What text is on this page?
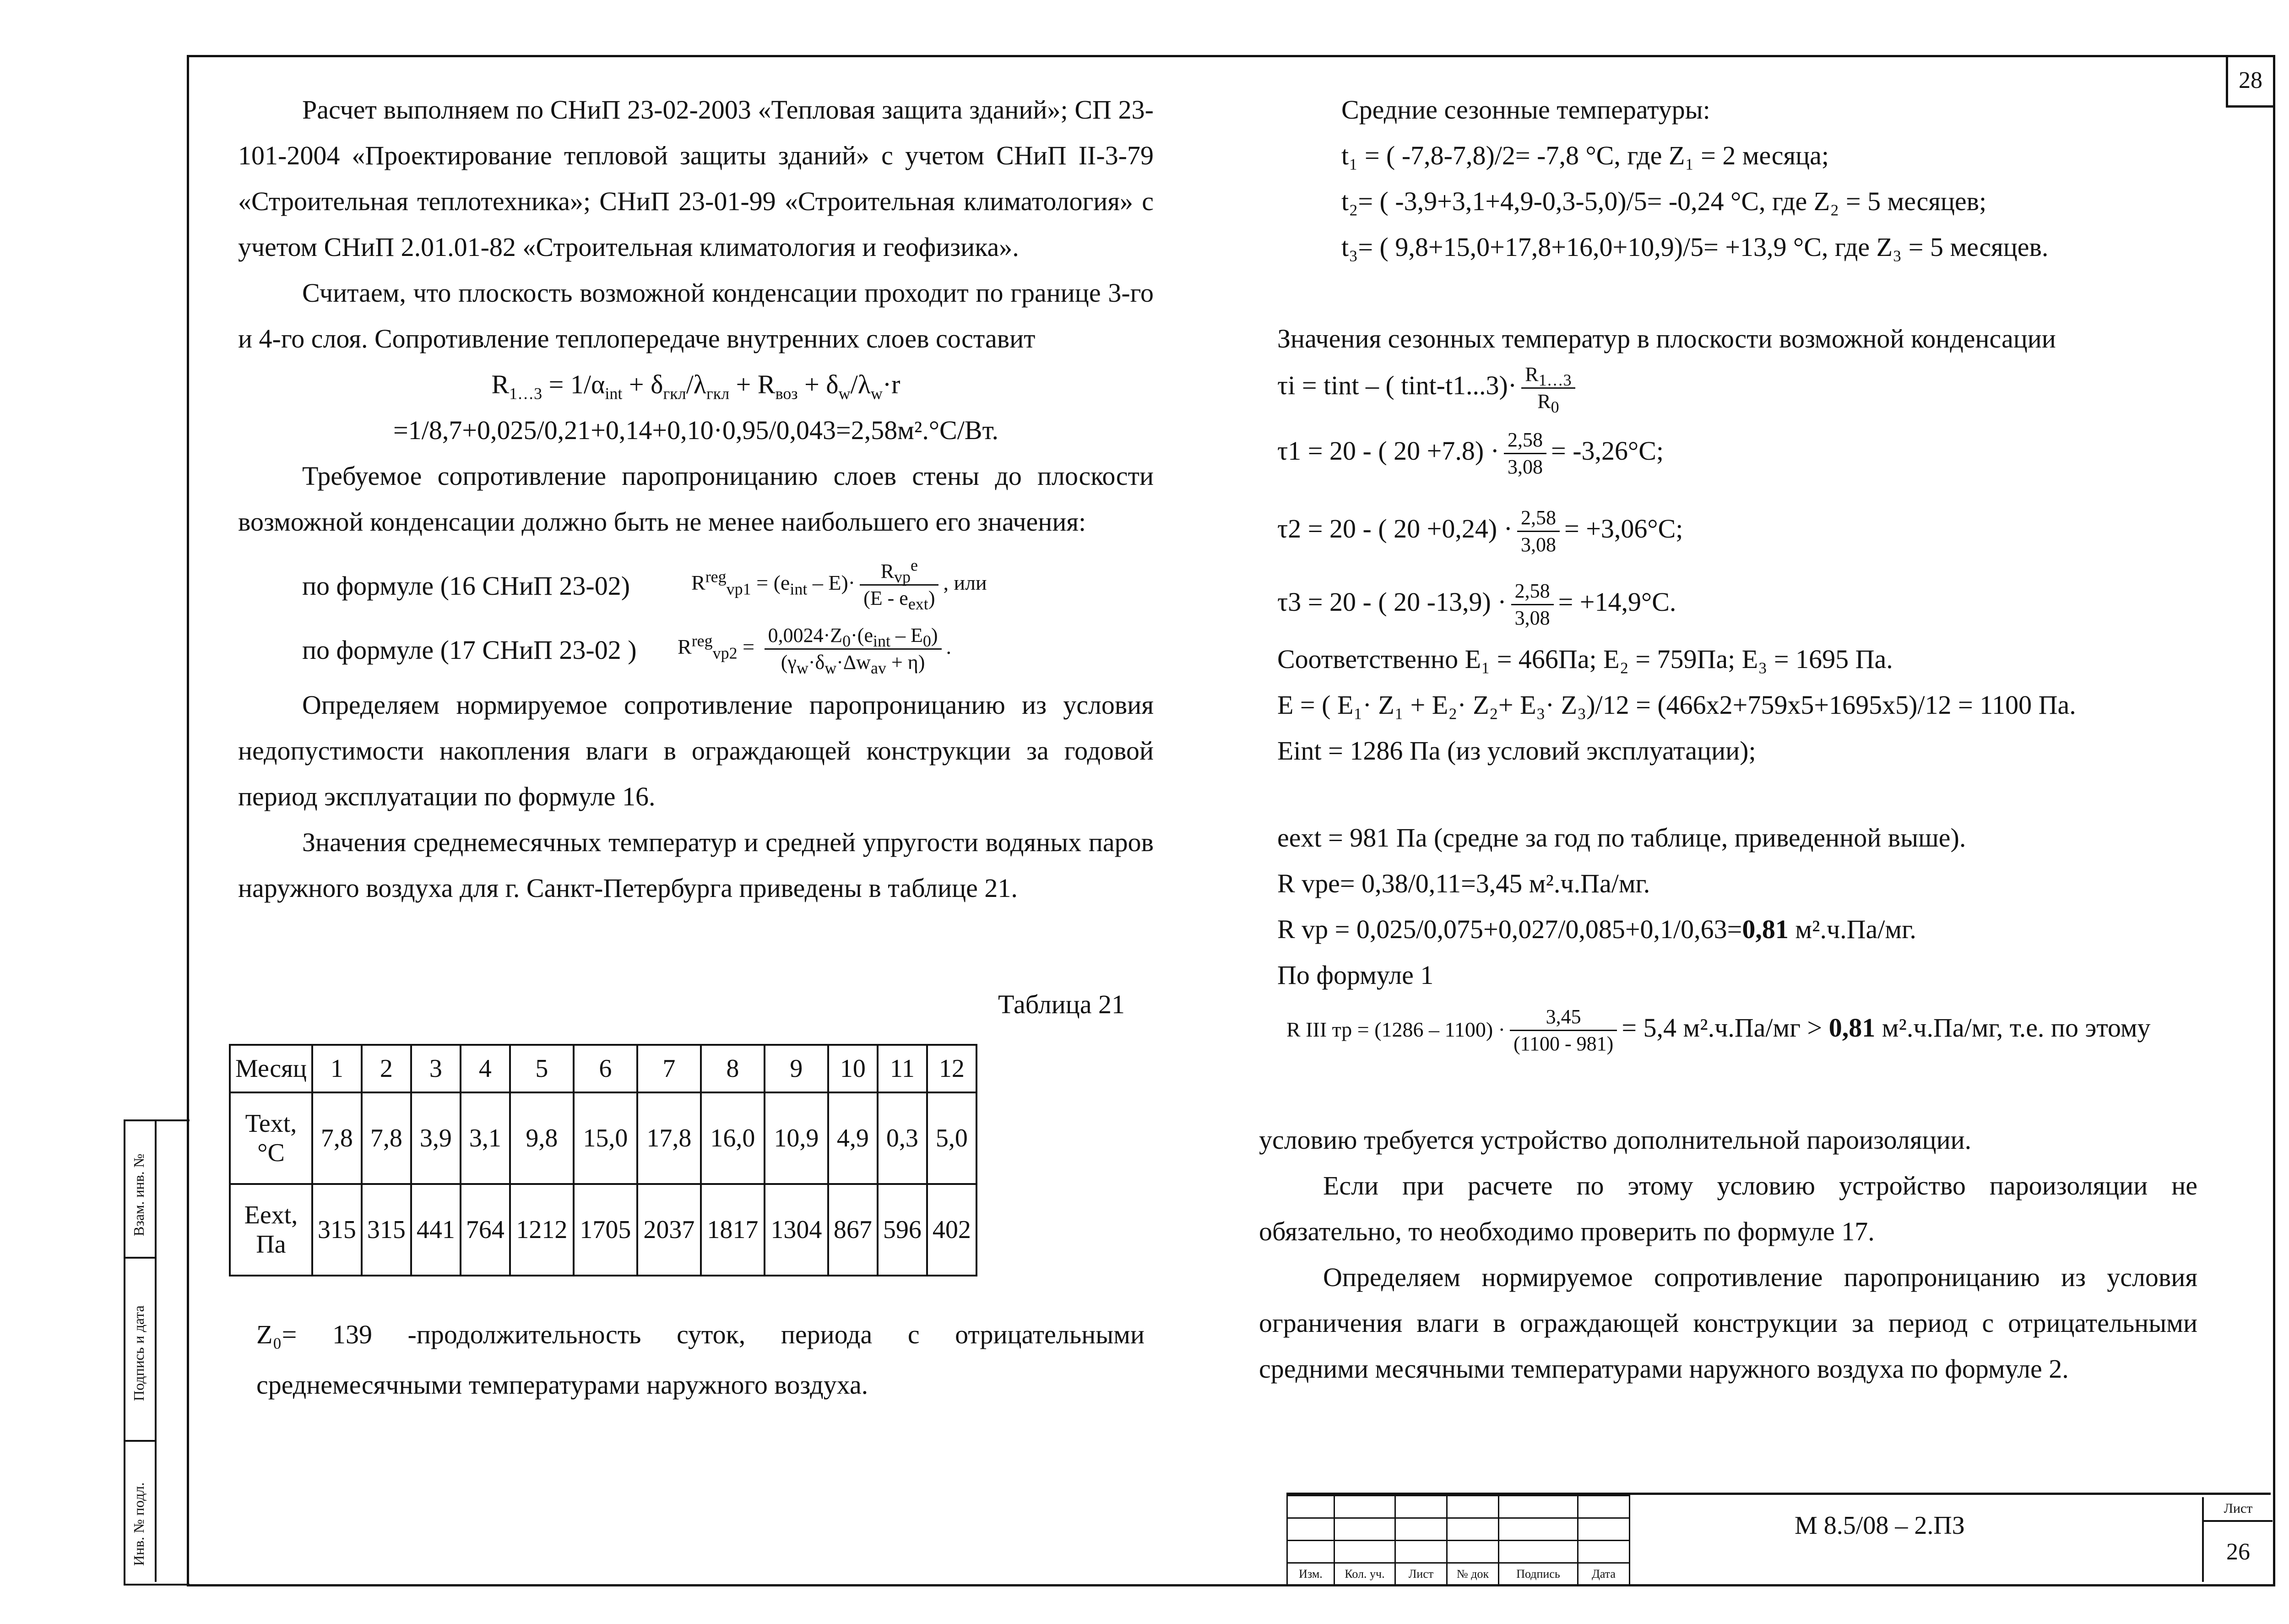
28

Расчет выполняем по СНиП 23-02-2003 «Тепловая защита зданий»; СП 23-101-2004 «Проектирование тепловой защиты зданий» с учетом СНиП II-3-79 «Строительная теплотехника»; СНиП 23-01-99 «Строительная климатология» с учетом СНиП 2.01.01-82 «Строительная климатология и геофизика».

Считаем, что плоскость возможной конденсации проходит по границе 3-го и 4-го слоя. Сопротивление теплопередаче внутренних слоев составит

$R_{1\dots 3} = 1/\alpha_{int} + \delta_{гкл}/\lambda_{гкл} + R_{воз} + \delta_w/\lambda_w\cdot r$

=1/8,7+0,025/0,21+0,14+0,10·0,95/0,043=2,58м².°С/Вт.

Требуемое сопротивление паропроницанию слоев стены до плоскости возможной конденсации должно быть не менее наибольшего его значения:

по формуле (16 СНиП 23-02)	$R^{reg}_{vp1} = (e_{int} - E)\cdot \frac{R_{vp}^e}{(E - e_{ext})}$ , или
по формуле (17 СНиП 23-02 ) $R^{reg}_{vp2} = \frac{0,0024\cdot Z_0\cdot(e_{int} - E_0)}{(\gamma_w\cdot\delta_w\cdot\Delta w_{av} + \eta)}$ .

Определяем нормируемое сопротивление паропроницанию из условия недопустимости накопления влаги в ограждающей конструкции за годовой период эксплуатации по формуле 16.

Значения среднемесячных температур и средней упругости водяных паров наружного воздуха для г. Санкт-Петербурга приведены в таблице 21.

Таблица 21
Месяц	1	2	3	4	5	6	7	8	9	10	11	12
Text,
°C	7,8	7,8	3,9	3,1	9,8	15,0	17,8	16,0	10,9	4,9	0,3	5,0
Eext,
Па	315	315	441	764	1212	1705	2037	1817	1304	867	596	402
Z₀= 139 -продолжительность суток, периода с отрицательными среднемесячными температурами наружного воздуха.

Средние сезонные температуры:

t₁ = ( -7,8-7,8)/2= -7,8 °С, где Z₁ = 2 месяца;

t₂= ( -3,9+3,1+4,9-0,3-5,0)/5= -0,24 °С, где Z₂ = 5 месяцев;

t₃= ( 9,8+15,0+17,8+16,0+10,9)/5= +13,9 °С, где Z₃ = 5 месяцев.

Значения сезонных температур в плоскости возможной конденсации

τi = tint – ( tint-t1...3)· $\frac{R_{1\dots 3}}{R_0}$

τ1 = 20 - ( $20 +7.8) \cdot \frac{2,58}{3,08} = -3,26^\circ С$;

τ2 = 20 - ( $20 +0,24) \cdot \frac{2,58}{3,08} = +3,06^\circ С$;

τ3 = 20 - ( 20 $-13,9) \cdot \frac{2,58}{3,08} = +14,9^\circ С$.

Соответственно E₁ = 466Па; E₂ = 759Па; E₃ = 1695 Па.

E = ( E₁· Z₁ + E₂· Z₂+ E₃· Z₃)/12 = (466x2+759x5+1695x5)/12 = 1100 Па.

Eint = 1286 Па (из условий эксплуатации);

eext = 981 Па (средне за год по таблице, приведенной выше).

R vpe= 0,38/0,11=3,45 м².ч.Па/мг.

R vp = 0,025/0,075+0,027/0,085+0,1/0,63=0,81 м².ч.Па/мг.

По формуле 1

R III тр = $(1286 - 1100) \cdot \frac{3,45}{(1100 - 981)} = 5,4$ м².ч.Па/мг > 0,81 м².ч.Па/мг, т.е. по этому

условию требуется устройство дополнительной пароизоляции.

Если при расчете по этому условию устройство пароизоляции не обязательно, то необходимо проверить по формуле 17.

Определяем нормируемое сопротивление паропроницанию из условия ограничения влаги в ограждающей конструкции за период с отрицательными средними месячными температурами наружного воздуха по формуле 2.

Взам. инв. №
Подпись и дата
Инв. № подл.

Изм.	Кол. уч.	Лист	№ док	Подпись	Дата
М 8.5/08 – 2.ПЗ
Лист
26
